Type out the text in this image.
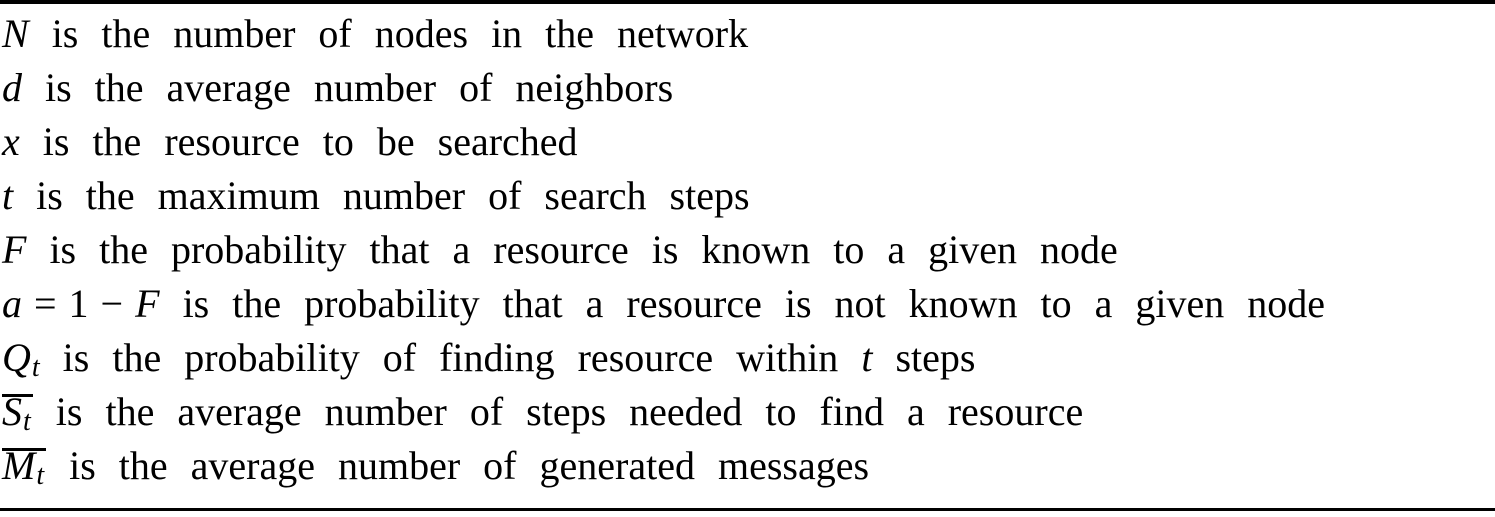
N is the number of nodes in the network
d is the average number of neighbors
x is the resource to be searched
t is the maximum number of search steps
F is the probability that a resource is known to a given node
a = 1 − F is the probability that a resource is not known to a given node
Qt is the probability of finding resource within t steps
St is the average number of steps needed to find a resource
Mt is the average number of generated messages
